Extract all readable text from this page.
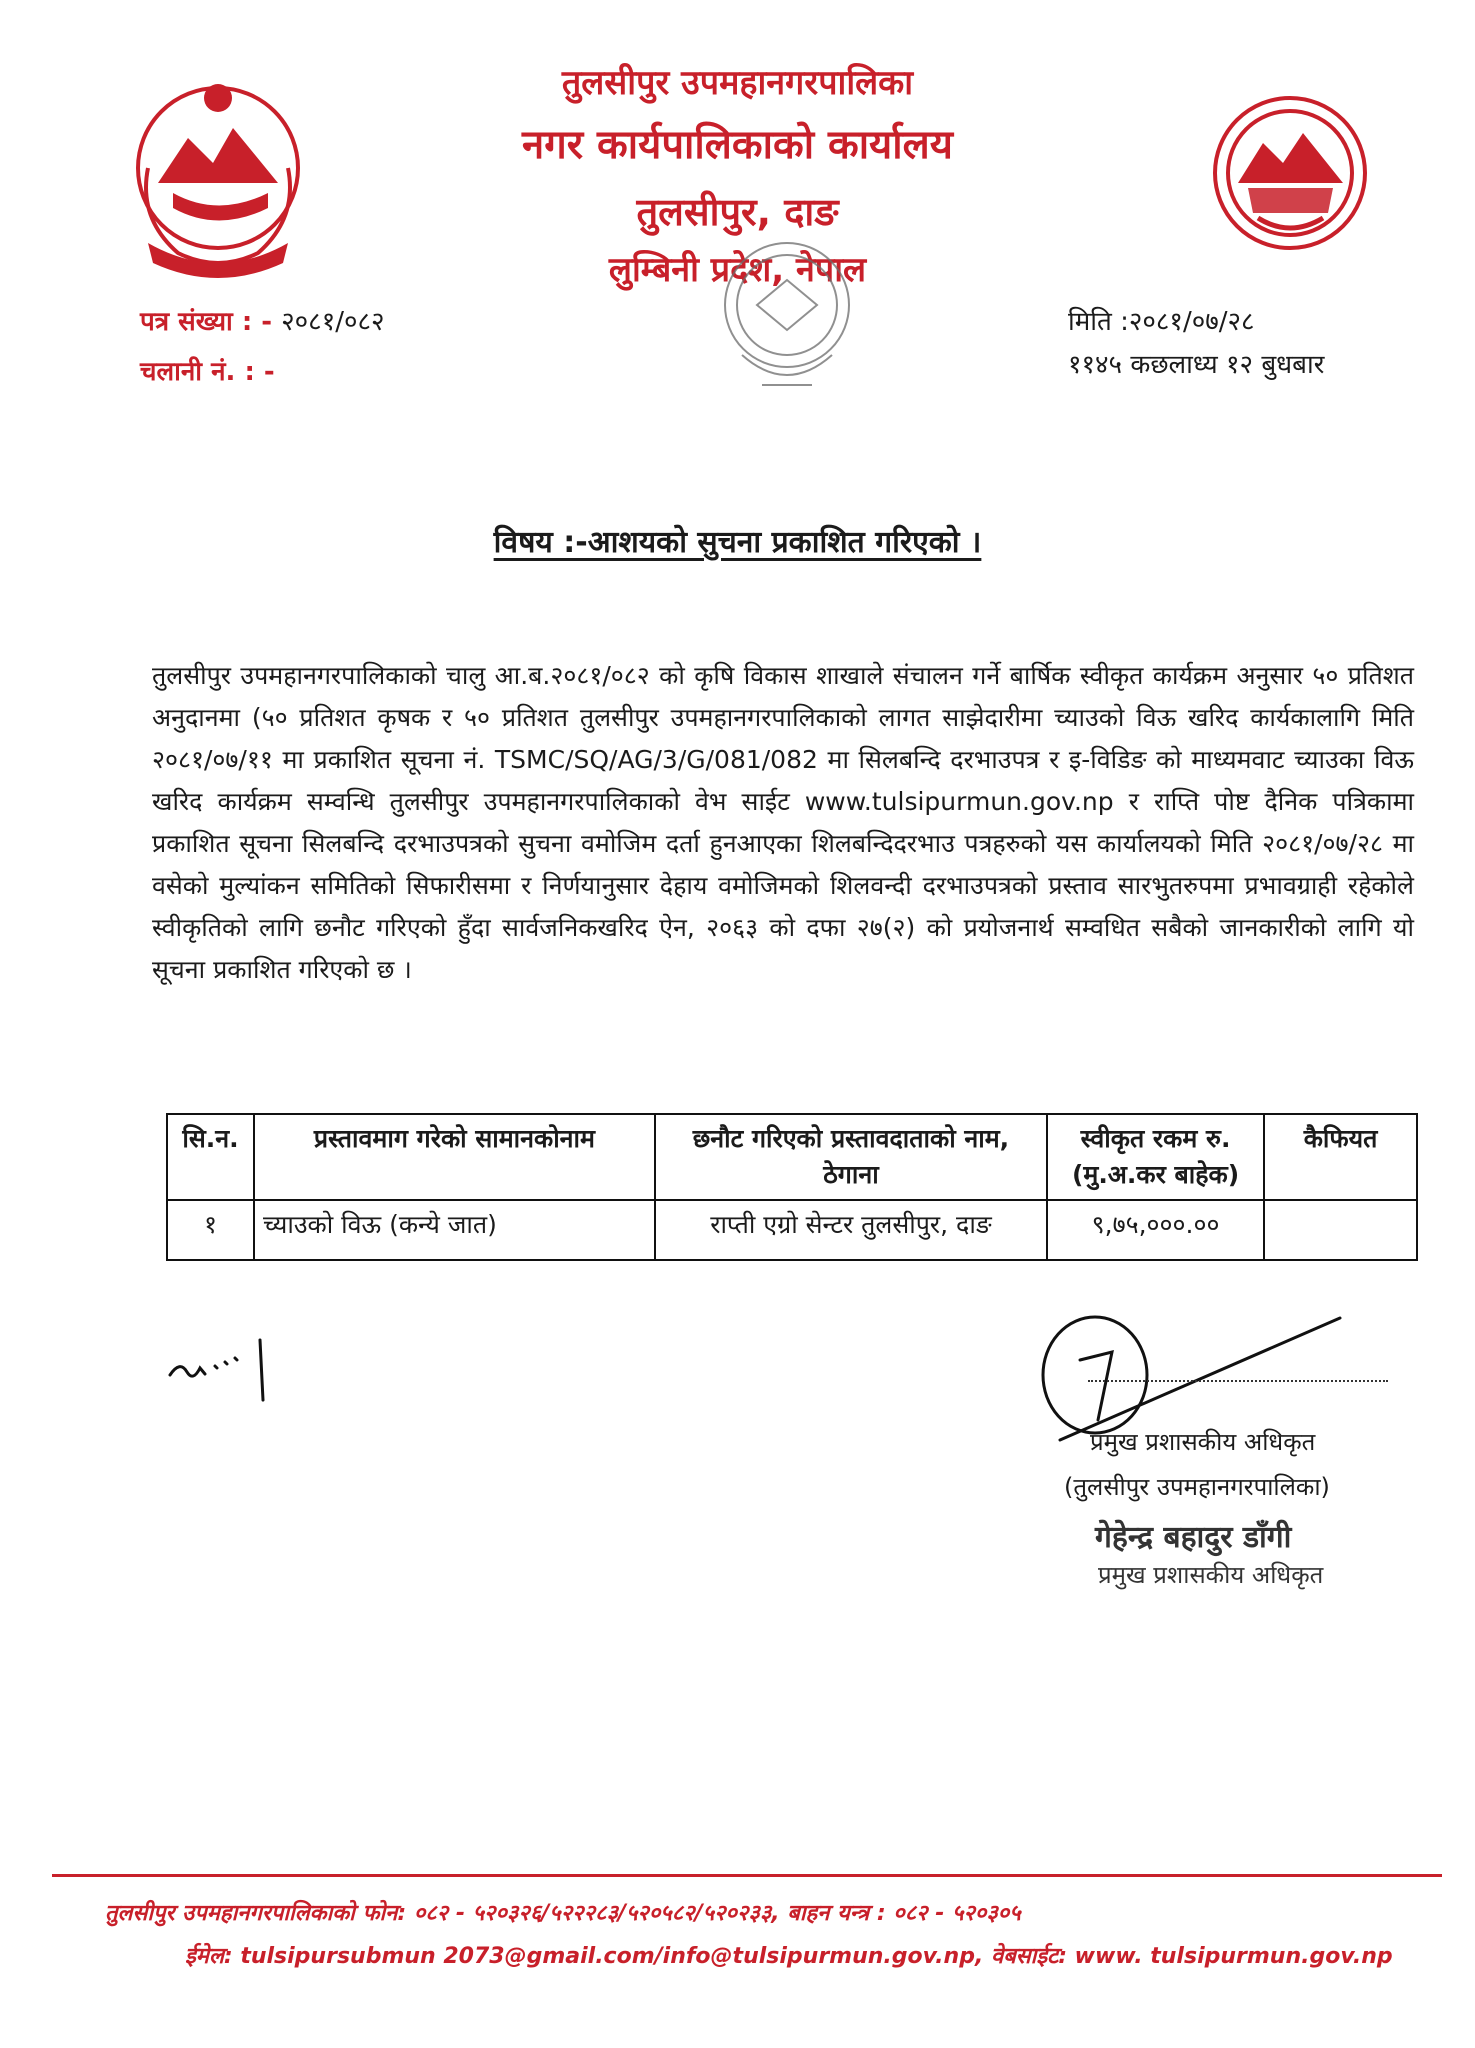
तुलसीपुर उपमहानगरपालिका
नगर कार्यपालिकाको कार्यालय
तुलसीपुर, दाङ
लुम्बिनी प्रदेश, नेपाल
पत्र संख्या : - २०८१/०८२
चलानी नं. : -
मिति :२०८१/०७/२८
११४५ कछलाध्य १२ बुधबार
विषय :-आशयको सुचना प्रकाशित गरिएको ।
तुलसीपुर उपमहानगरपालिकाको चालु आ.ब.२०८१/०८२ को कृषि विकास शाखाले संचालन गर्ने बार्षिक स्वीकृत कार्यक्रम अनुसार ५० प्रतिशत अनुदानमा (५० प्रतिशत कृषक र ५० प्रतिशत तुलसीपुर उपमहानगरपालिकाको लागत साझेदारीमा च्याउको विऊ खरिद कार्यकालागि मिति २०८१/०७/११ मा प्रकाशित सूचना नं. TSMC/SQ/AG/3/G/081/082 मा सिलबन्दि दरभाउपत्र र इ-विडिङ को माध्यमवाट च्याउका विऊ खरिद कार्यक्रम सम्वन्धि तुलसीपुर उपमहानगरपालिकाको वेभ साईट www.tulsipurmun.gov.np र राप्ति पोष्ट दैनिक पत्रिकामा प्रकाशित सूचना सिलबन्दि दरभाउपत्रको सुचना वमोजिम दर्ता हुनआएका शिलबन्दिदरभाउ पत्रहरुको यस कार्यालयको मिति २०८१/०७/२८ मा वसेको मुल्यांकन समितिको सिफारीसमा र निर्णयानुसार देहाय वमोजिमको शिलवन्दी दरभाउपत्रको प्रस्ताव सारभुतरुपमा प्रभावग्राही रहेकोले स्वीकृतिको लागि छनौट गरिएको हुँदा सार्वजनिकखरिद ऐन, २०६३ को दफा २७(२) को प्रयोजनार्थ सम्वधित सबैको जानकारीको लागि यो सूचना प्रकाशित गरिएको छ ।
सि.न.	प्रस्तावमाग गरेको सामानकोनाम	छनौट गरिएको प्रस्तावदाताको नाम, ठेगाना	स्वीकृत रकम रु. (मु.अ.कर बाहेक)	कैफियत
१	च्याउको विऊ (कन्ये जात)	राप्ती एग्रो सेन्टर तुलसीपुर, दाङ	९,७५,०००.००	
प्रमुख प्रशासकीय अधिकृत
(तुलसीपुर उपमहानगरपालिका)
गेहेन्द्र बहादुर डाँगी
प्रमुख प्रशासकीय अधिकृत
तुलसीपुर उपमहानगरपालिकाको फोन: ०८२ - ५२०३२६/५२२२८३/५२०५८२/५२०२३३, बाहन यन्त्र : ०८२ - ५२०३०५
ईमेल: tulsipursubmun 2073@gmail.com/info@tulsipurmun.gov.np, वेबसाईट: www. tulsipurmun.gov.np
